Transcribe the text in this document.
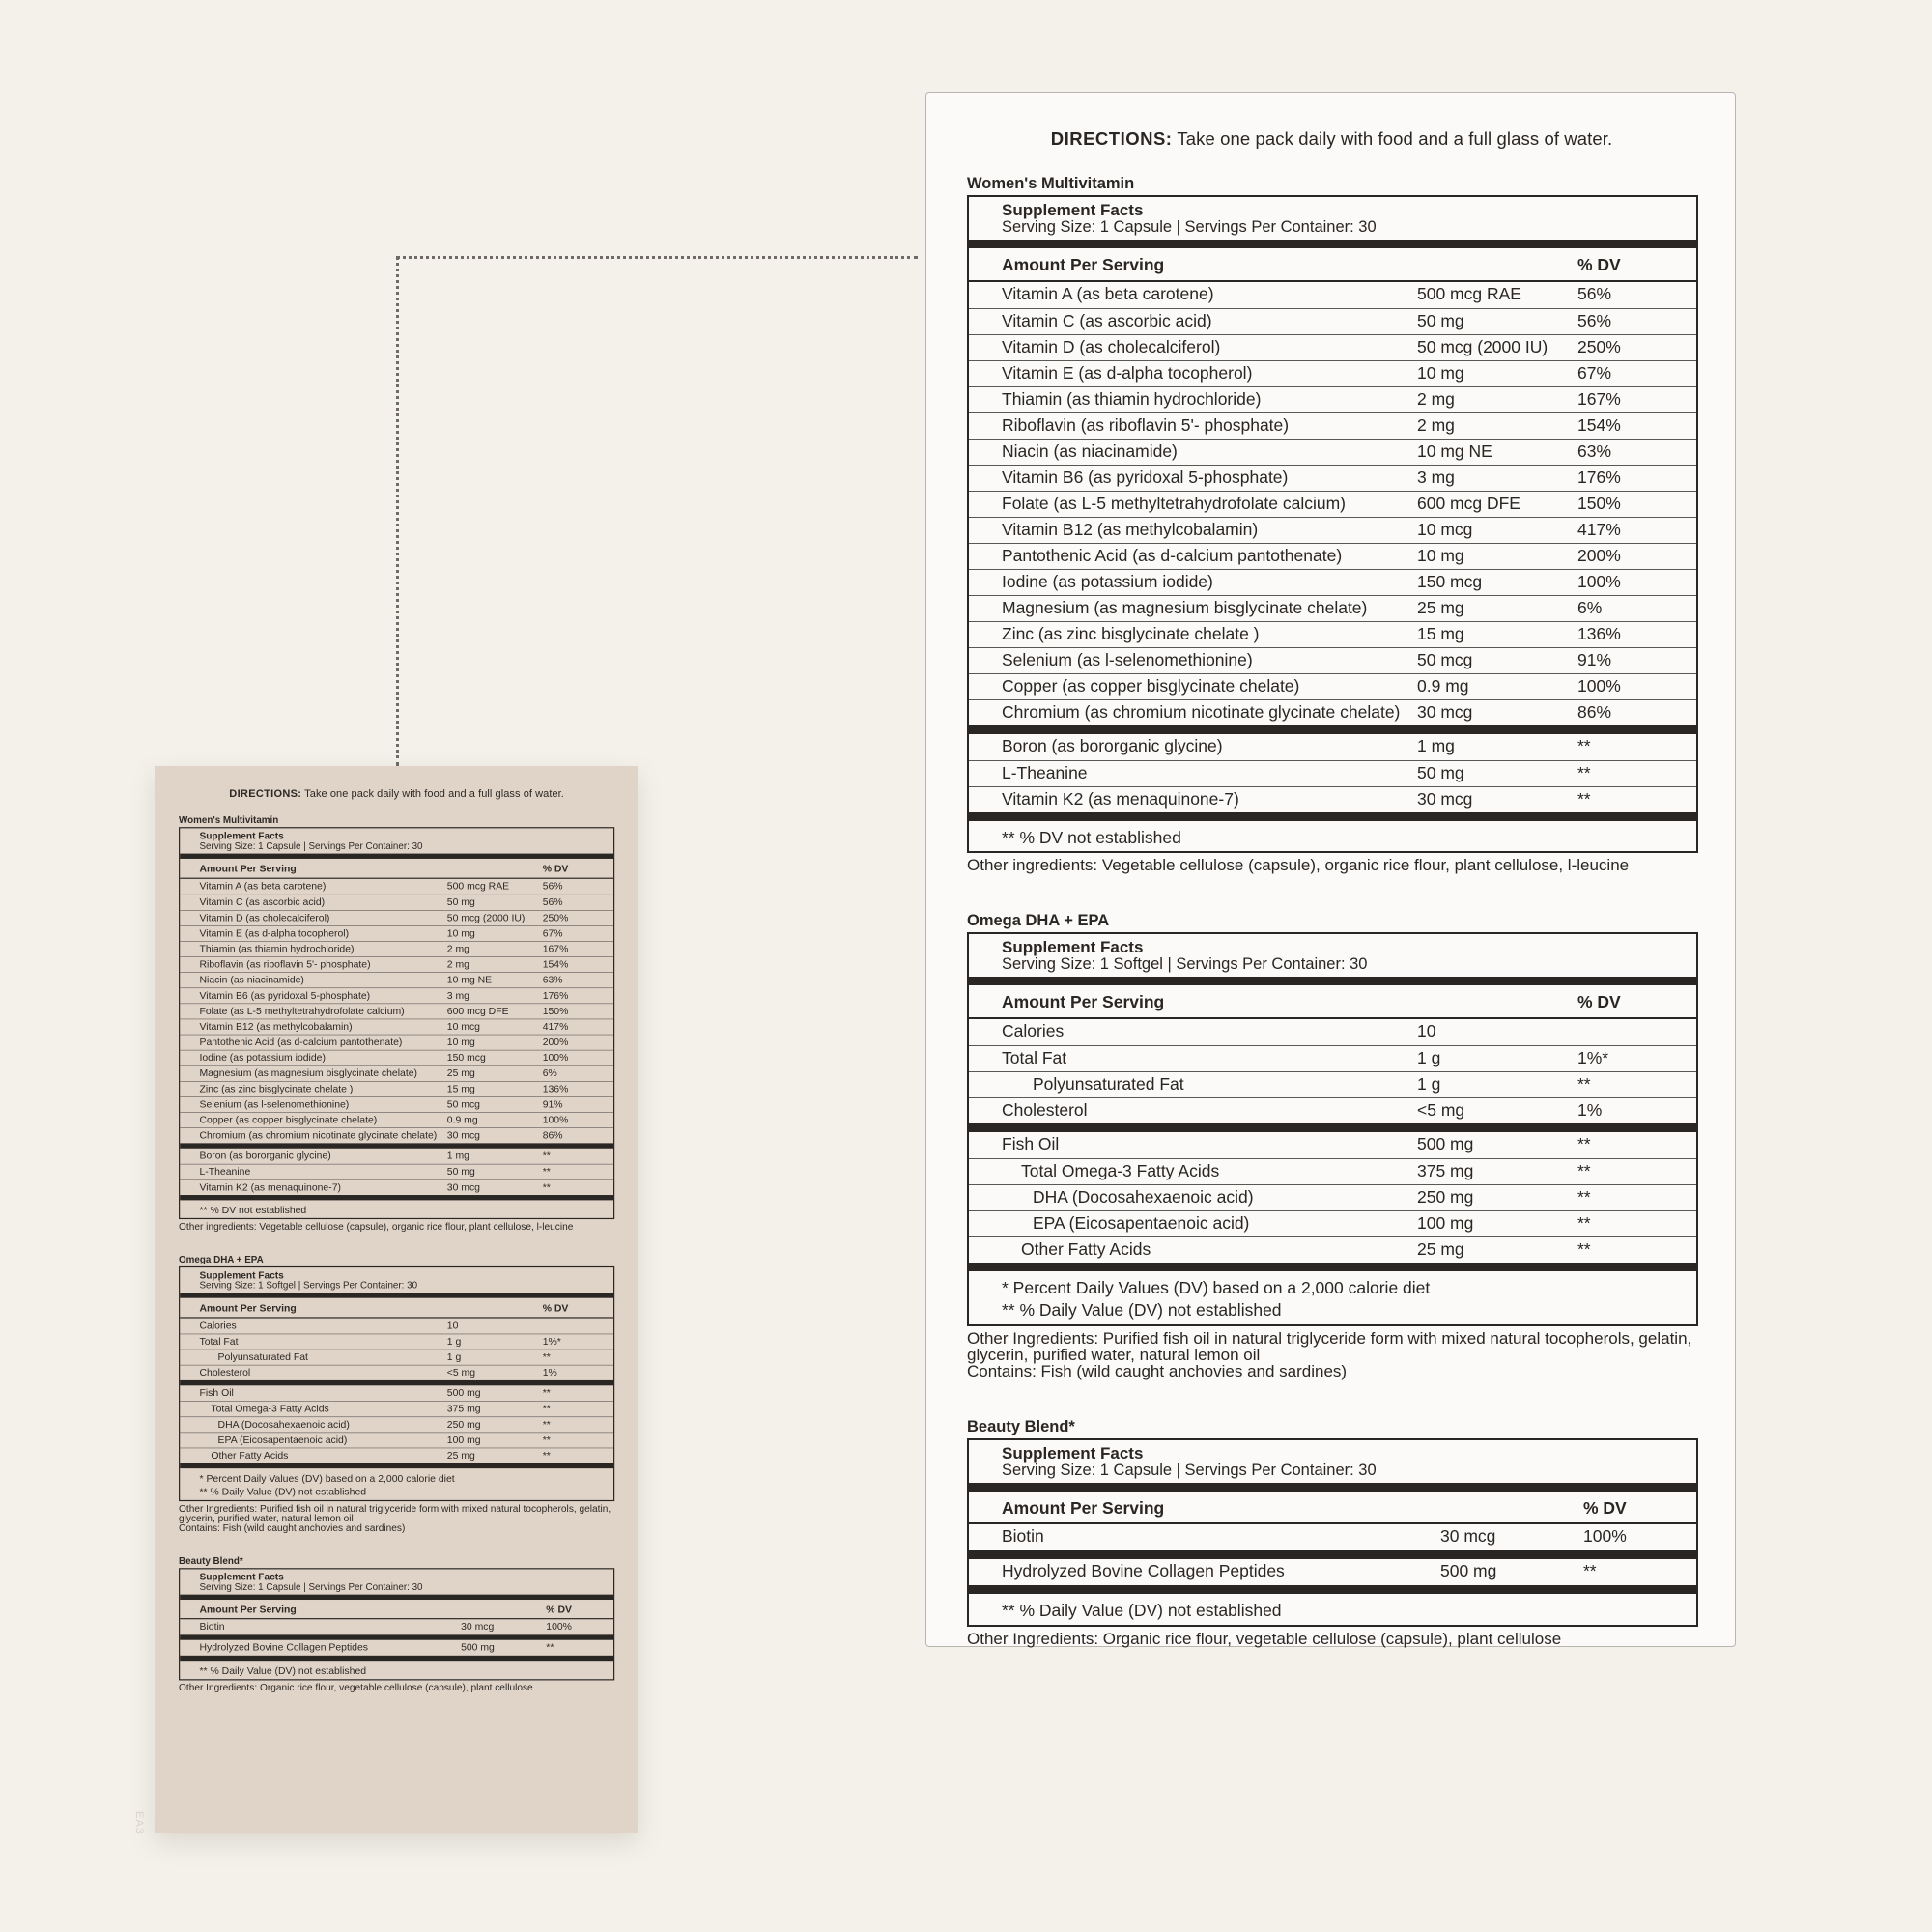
DIRECTIONS: Take one pack daily with food and a full glass of water.
Women's Multivitamin
Supplement Facts
Serving Size: 1 Capsule | Servings Per Container: 30
Amount Per Serving	% DV
Vitamin A (as beta carotene)	500 mcg RAE	56%
Vitamin C (as ascorbic acid)	50 mg	56%
Vitamin D (as cholecalciferol)	50 mcg (2000 IU)	250%
Vitamin E (as d-alpha tocopherol)	10 mg	67%
Thiamin (as thiamin hydrochloride)	2 mg	167%
Riboflavin (as riboflavin 5'- phosphate)	2 mg	154%
Niacin (as niacinamide)	10 mg NE	63%
Vitamin B6 (as pyridoxal 5-phosphate)	3 mg	176%
Folate (as L-5 methyltetrahydrofolate calcium)	600 mcg DFE	150%
Vitamin B12 (as methylcobalamin)	10 mcg	417%
Pantothenic Acid (as d-calcium pantothenate)	10 mg	200%
Iodine (as potassium iodide)	150 mcg	100%
Magnesium (as magnesium bisglycinate chelate)	25 mg	6%
Zinc (as zinc bisglycinate chelate )	15 mg	136%
Selenium (as l-selenomethionine)	50 mcg	91%
Copper (as copper bisglycinate chelate)	0.9 mg	100%
Chromium (as chromium nicotinate glycinate chelate) 30 mcg	86%
Boron (as bororganic glycine)	1 mg	**
L-Theanine	50 mg	**
Vitamin K2 (as menaquinone-7)	30 mcg	**
** % DV not established
Other ingredients: Vegetable cellulose (capsule), organic rice flour, plant cellulose, l-leucine
Omega DHA + EPA
Supplement Facts
Serving Size: 1 Softgel | Servings Per Container: 30
Amount Per Serving	% DV
Calories	10
Total Fat	1 g	1%*
Polyunsaturated Fat	1 g	**
Cholesterol	<5 mg	1%
Fish Oil	500 mg	**
Total Omega-3 Fatty Acids	375 mg	**
DHA (Docosahexaenoic acid)	250 mg	**
EPA (Eicosapentaenoic acid)	100 mg	**
Other Fatty Acids	25 mg	**
* Percent Daily Values (DV) based on a 2,000 calorie diet
** % Daily Value (DV) not established
Other Ingredients: Purified fish oil in natural triglyceride form with mixed natural tocopherols, gelatin, glycerin, purified water, natural lemon oil
Contains: Fish (wild caught anchovies and sardines)
Beauty Blend*
Supplement Facts
Serving Size: 1 Capsule | Servings Per Container: 30
Amount Per Serving	% DV
Biotin	30 mcg	100%
Hydrolyzed Bovine Collagen Peptides	500 mg	**
** % Daily Value (DV) not established
Other Ingredients: Organic rice flour, vegetable cellulose (capsule), plant cellulose
EA3
DIRECTIONS: Take one pack daily with food and a full glass of water.
Women's Multivitamin
Supplement Facts
Serving Size: 1 Capsule | Servings Per Container: 30
Amount Per Serving	% DV
Vitamin A (as beta carotene)	500 mcg RAE	56%
Vitamin C (as ascorbic acid)	50 mg	56%
Vitamin D (as cholecalciferol)	50 mcg (2000 IU)	250%
Vitamin E (as d-alpha tocopherol)	10 mg	67%
Thiamin (as thiamin hydrochloride)	2 mg	167%
Riboflavin (as riboflavin 5'- phosphate)	2 mg	154%
Niacin (as niacinamide)	10 mg NE	63%
Vitamin B6 (as pyridoxal 5-phosphate)	3 mg	176%
Folate (as L-5 methyltetrahydrofolate calcium)	600 mcg DFE	150%
Vitamin B12 (as methylcobalamin)	10 mcg	417%
Pantothenic Acid (as d-calcium pantothenate)	10 mg	200%
Iodine (as potassium iodide)	150 mcg	100%
Magnesium (as magnesium bisglycinate chelate)	25 mg	6%
Zinc (as zinc bisglycinate chelate )	15 mg	136%
Selenium (as l-selenomethionine)	50 mcg	91%
Copper (as copper bisglycinate chelate)	0.9 mg	100%
Chromium (as chromium nicotinate glycinate chelate)	30 mcg	86%
Boron (as bororganic glycine)	1 mg	**
L-Theanine	50 mg	**
Vitamin K2 (as menaquinone-7)	30 mcg	**
** % DV not established
Other ingredients: Vegetable cellulose (capsule), organic rice flour, plant cellulose, l-leucine
Omega DHA + EPA
Supplement Facts
Serving Size: 1 Softgel | Servings Per Container: 30
Amount Per Serving	% DV
Calories	10
Total Fat	1 g	1%*
Polyunsaturated Fat	1 g	**
Cholesterol	<5 mg	1%
Fish Oil	500 mg	**
Total Omega-3 Fatty Acids	375 mg	**
DHA (Docosahexaenoic acid)	250 mg	**
EPA (Eicosapentaenoic acid)	100 mg	**
Other Fatty Acids	25 mg	**
* Percent Daily Values (DV) based on a 2,000 calorie diet
** % Daily Value (DV) not established
Other Ingredients: Purified fish oil in natural triglyceride form with mixed natural tocopherols, gelatin, glycerin, purified water, natural lemon oil
Contains: Fish (wild caught anchovies and sardines)
Beauty Blend*
Supplement Facts
Serving Size: 1 Capsule | Servings Per Container: 30
Amount Per Serving	% DV
Biotin	30 mcg	100%
Hydrolyzed Bovine Collagen Peptides	500 mg	**
** % Daily Value (DV) not established
Other Ingredients: Organic rice flour, vegetable cellulose (capsule), plant cellulose
